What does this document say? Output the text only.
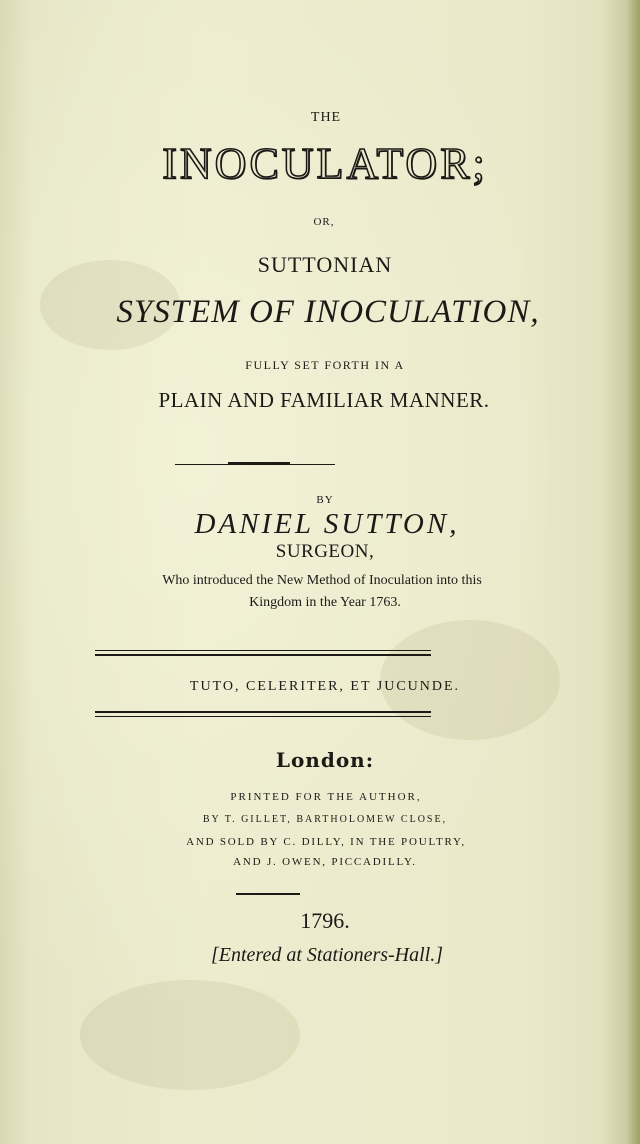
THE
INOCULATOR;
OR,
SUTTONIAN
SYSTEM OF INOCULATION,
FULLY SET FORTH IN A
PLAIN AND FAMILIAR MANNER.
BY
DANIEL SUTTON,
SURGEON,
Who introduced the New Method of Inoculation into this
Kingdom in the Year 1763.
TUTO, CELERITER, ET JUCUNDE.
London:
PRINTED FOR THE AUTHOR,
BY T. GILLET, BARTHOLOMEW CLOSE,
AND SOLD BY C. DILLY, IN THE POULTRY,
AND J. OWEN, PICCADILLY.
1796.
[Entered at Stationers-Hall.]
